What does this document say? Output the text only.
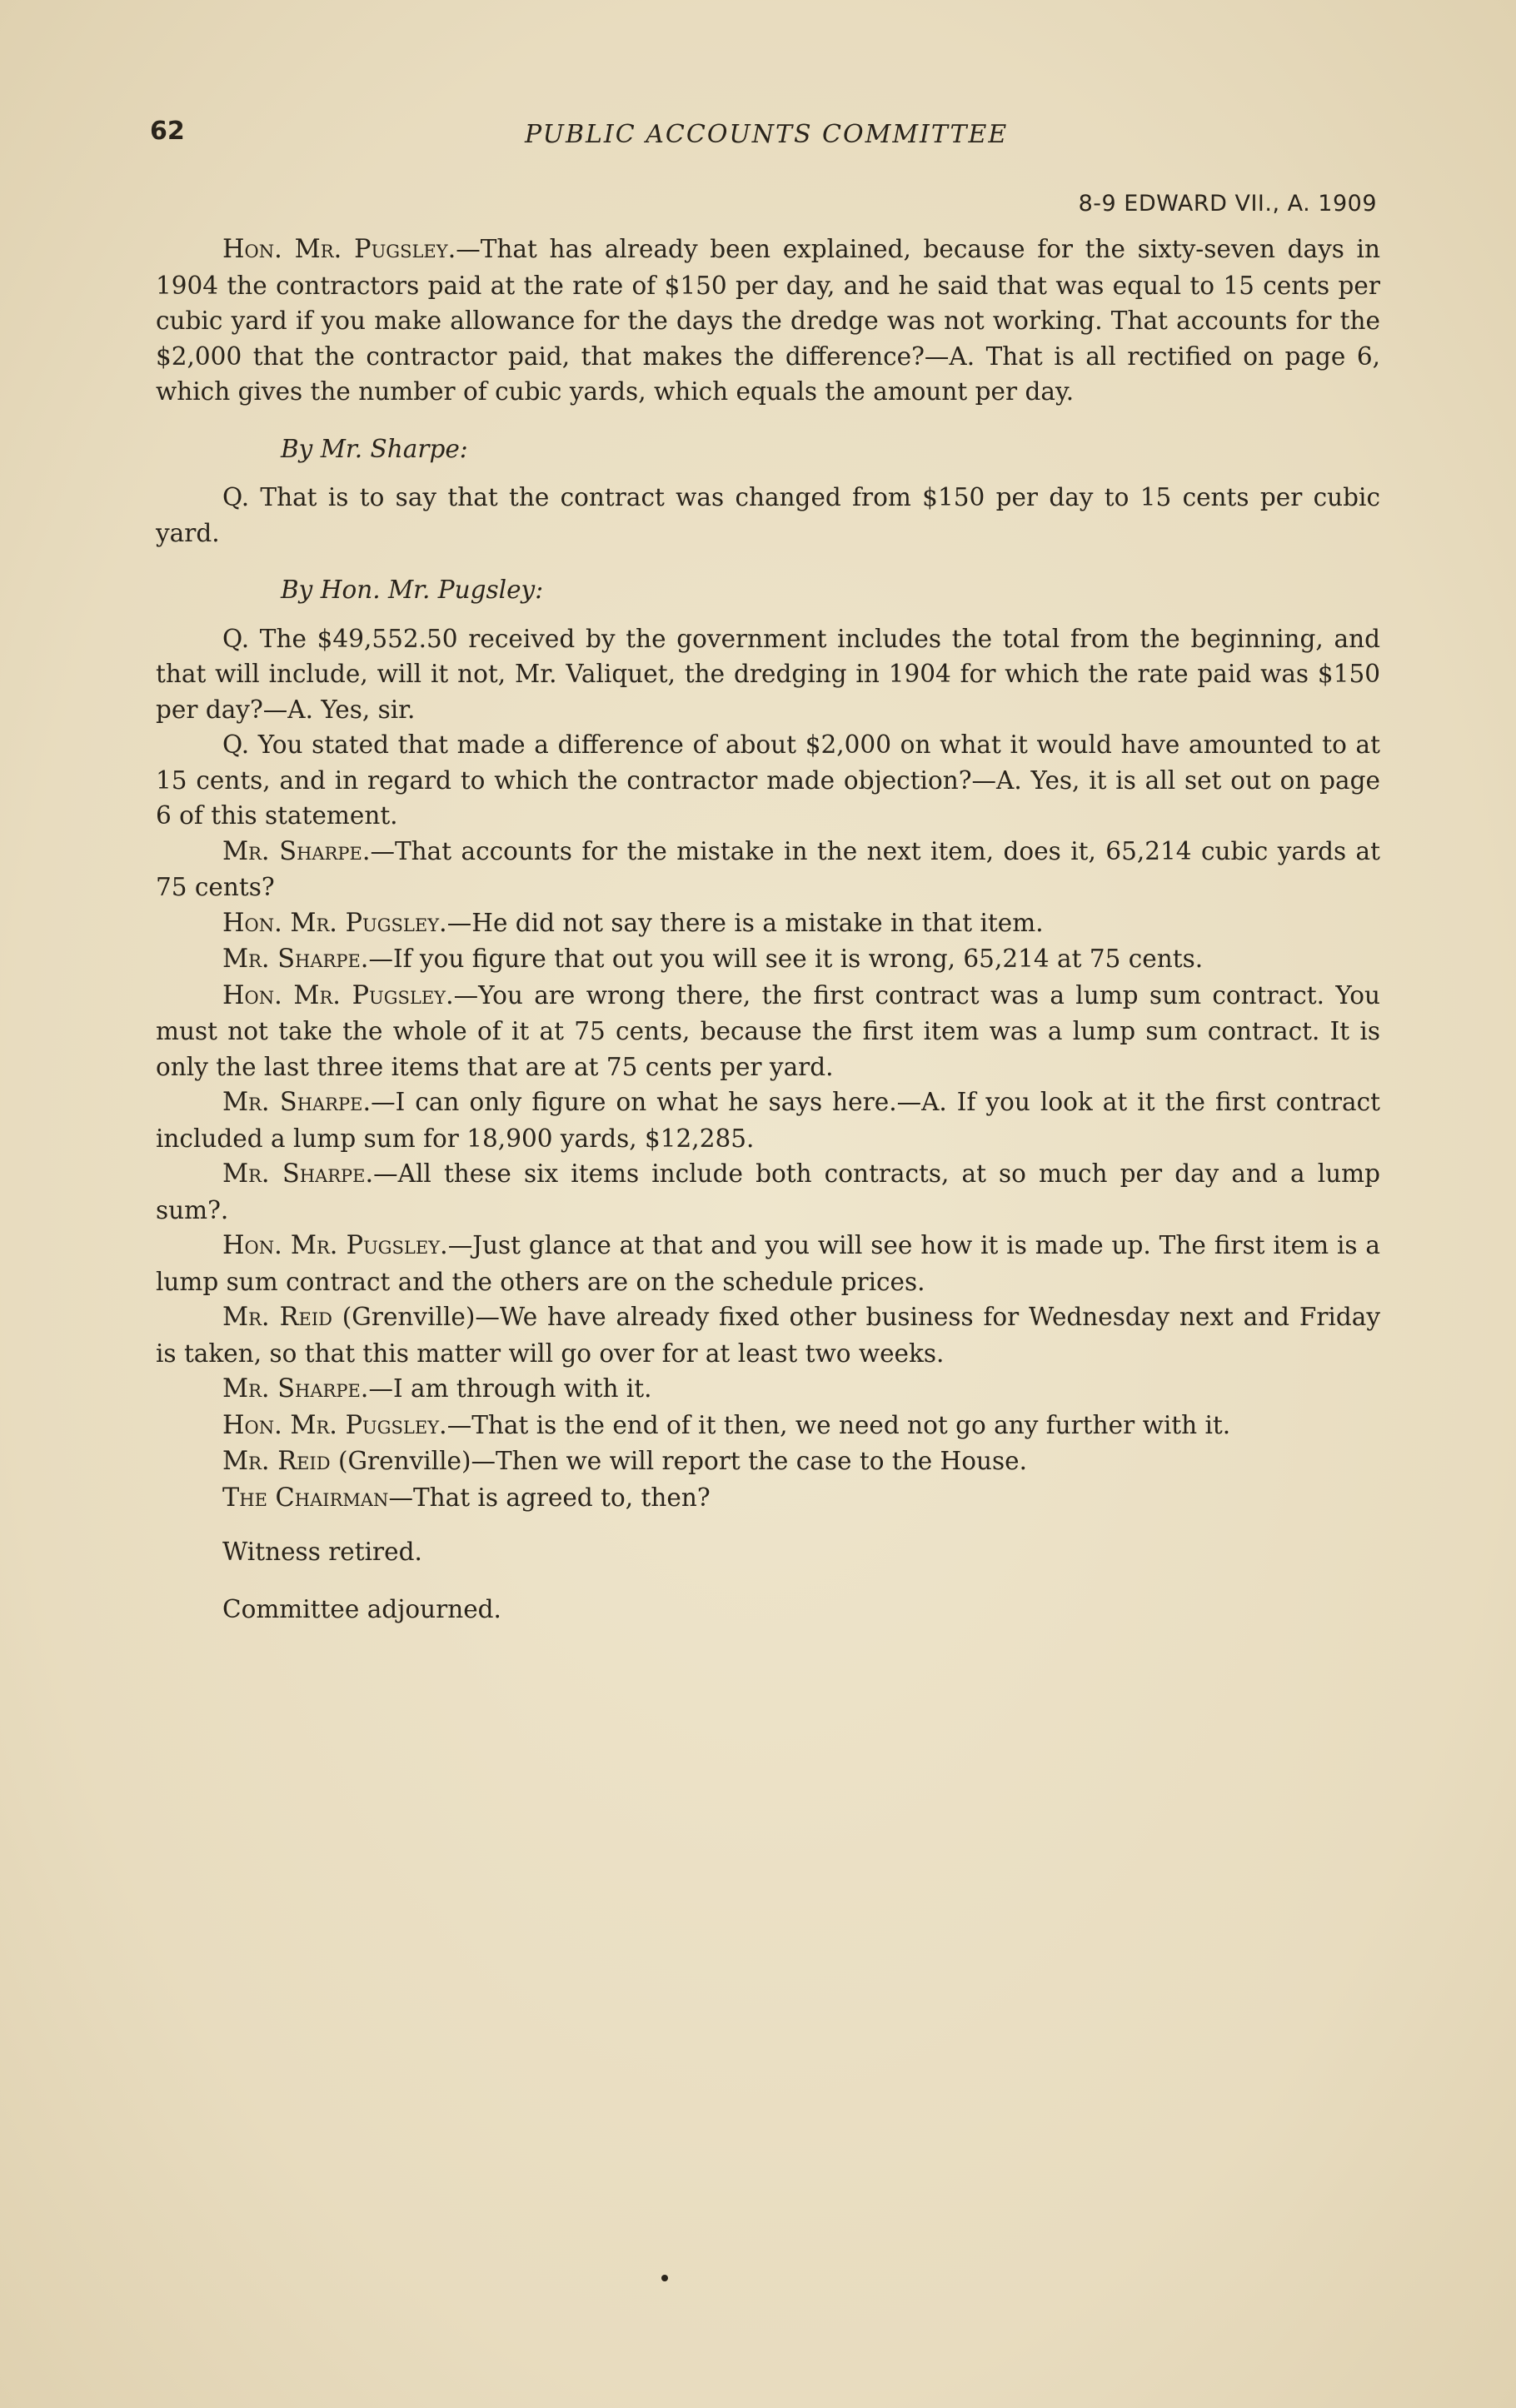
62	PUBLIC ACCOUNTS COMMITTEE
8-9 EDWARD VII., A. 1909

Hon. Mr. Pugsley.—That has already been explained, because for the sixty-seven days in 1904 the contractors paid at the rate of $150 per day, and he said that was equal to 15 cents per cubic yard if you make allowance for the days the dredge was not working. That accounts for the $2,000 that the contractor paid, that makes the difference?—A. That is all rectified on page 6, which gives the number of cubic yards, which equals the amount per day.

By Mr. Sharpe:

Q. That is to say that the contract was changed from $150 per day to 15 cents per cubic yard.

By Hon. Mr. Pugsley:

Q. The $49,552.50 received by the government includes the total from the beginning, and that will include, will it not, Mr. Valiquet, the dredging in 1904 for which the rate paid was $150 per day?—A. Yes, sir.

Q. You stated that made a difference of about $2,000 on what it would have amounted to at 15 cents, and in regard to which the contractor made objection?—A. Yes, it is all set out on page 6 of this statement.

Mr. Sharpe.—That accounts for the mistake in the next item, does it, 65,214 cubic yards at 75 cents?

Hon. Mr. Pugsley.—He did not say there is a mistake in that item.

Mr. Sharpe.—If you figure that out you will see it is wrong, 65,214 at 75 cents.

Hon. Mr. Pugsley.—You are wrong there, the first contract was a lump sum contract. You must not take the whole of it at 75 cents, because the first item was a lump sum contract. It is only the last three items that are at 75 cents per yard.

Mr. Sharpe.—I can only figure on what he says here.—A. If you look at it the first contract included a lump sum for 18,900 yards, $12,285.

Mr. Sharpe.—All these six items include both contracts, at so much per day and a lump sum?.

Hon. Mr. Pugsley.—Just glance at that and you will see how it is made up. The first item is a lump sum contract and the others are on the schedule prices.

Mr. Reid (Grenville)—We have already fixed other business for Wednesday next and Friday is taken, so that this matter will go over for at least two weeks.

Mr. Sharpe.—I am through with it.

Hon. Mr. Pugsley.—That is the end of it then, we need not go any further with it.

Mr. Reid (Grenville)—Then we will report the case to the House.

The Chairman—That is agreed to, then?

Witness retired.

Committee adjourned.
